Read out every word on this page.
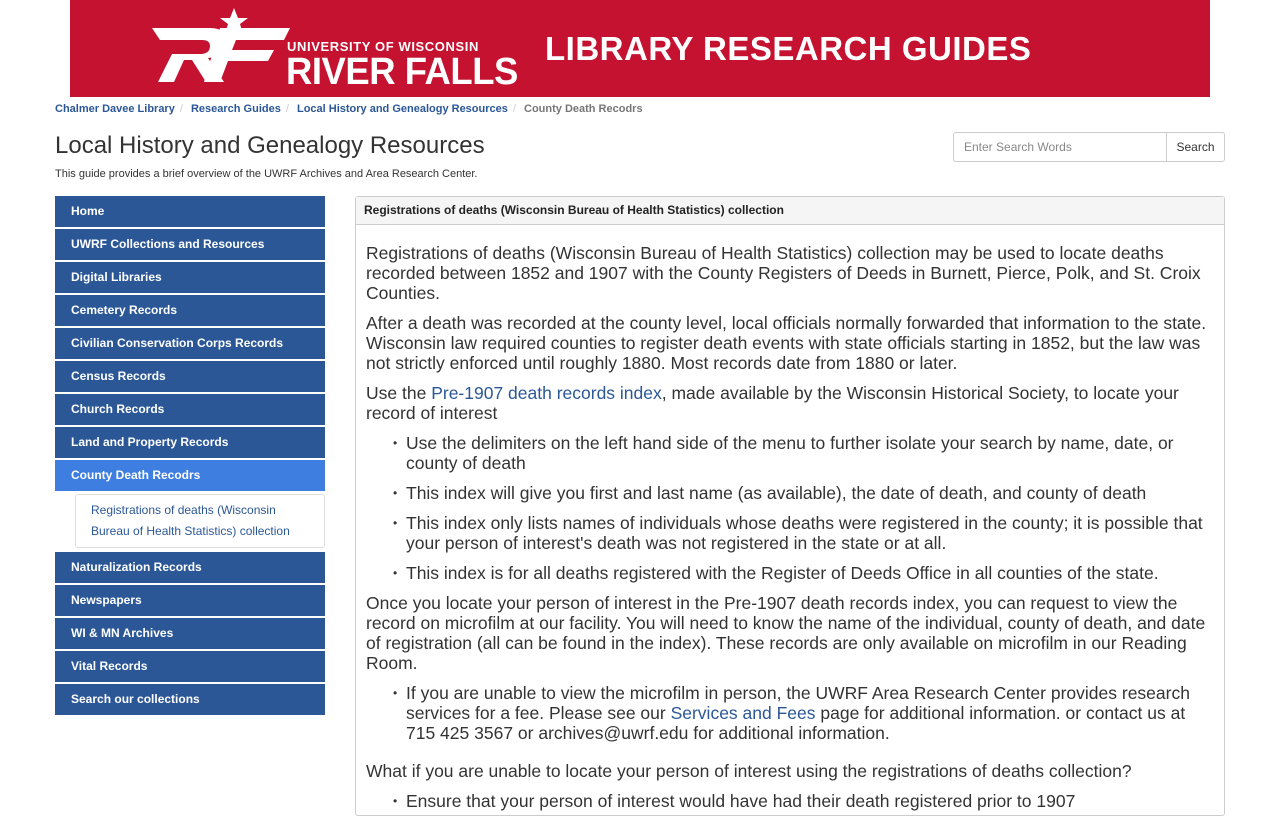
UNIVERSITY OF WISCONSIN
RIVER FALLS
LIBRARY RESEARCH GUIDES
Chalmer Davee Library / Research Guides / Local History and Genealogy Resources / County Death Recodrs
Local History and Genealogy Resources
This guide provides a brief overview of the UWRF Archives and Area Research Center.
Enter Search Words
Search
Home
UWRF Collections and Resources
Digital Libraries
Cemetery Records
Civilian Conservation Corps Records
Census Records
Church Records
Land and Property Records
County Death Recodrs
Registrations of deaths (Wisconsin Bureau of Health Statistics) collection
Naturalization Records
Newspapers
WI & MN Archives
Vital Records
Search our collections
Registrations of deaths (Wisconsin Bureau of Health Statistics) collection

Registrations of deaths (Wisconsin Bureau of Health Statistics) collection may be used to locate deaths recorded between 1852 and 1907 with the County Registers of Deeds in Burnett, Pierce, Polk, and St. Croix Counties.

After a death was recorded at the county level, local officials normally forwarded that information to the state. Wisconsin law required counties to register death events with state officials starting in 1852, but the law was not strictly enforced until roughly 1880. Most records date from 1880 or later.

Use the Pre-1907 death records index, made available by the Wisconsin Historical Society, to locate your record of interest

• Use the delimiters on the left hand side of the menu to further isolate your search by name, date, or county of death
• This index will give you first and last name (as available), the date of death, and county of death
• This index only lists names of individuals whose deaths were registered in the county; it is possible that your person of interest's death was not registered in the state or at all.
• This index is for all deaths registered with the Register of Deeds Office in all counties of the state.

Once you locate your person of interest in the Pre-1907 death records index, you can request to view the record on microfilm at our facility. You will need to know the name of the individual, county of death, and date of registration (all can be found in the index). These records are only available on microfilm in our Reading Room.

• If you are unable to view the microfilm in person, the UWRF Area Research Center provides research services for a fee. Please see our Services and Fees page for additional information. or contact us at 715 425 3567 or archives@uwrf.edu for additional information.

What if you are unable to locate your person of interest using the registrations of deaths collection?

• Ensure that your person of interest would have had their death registered prior to 1907
